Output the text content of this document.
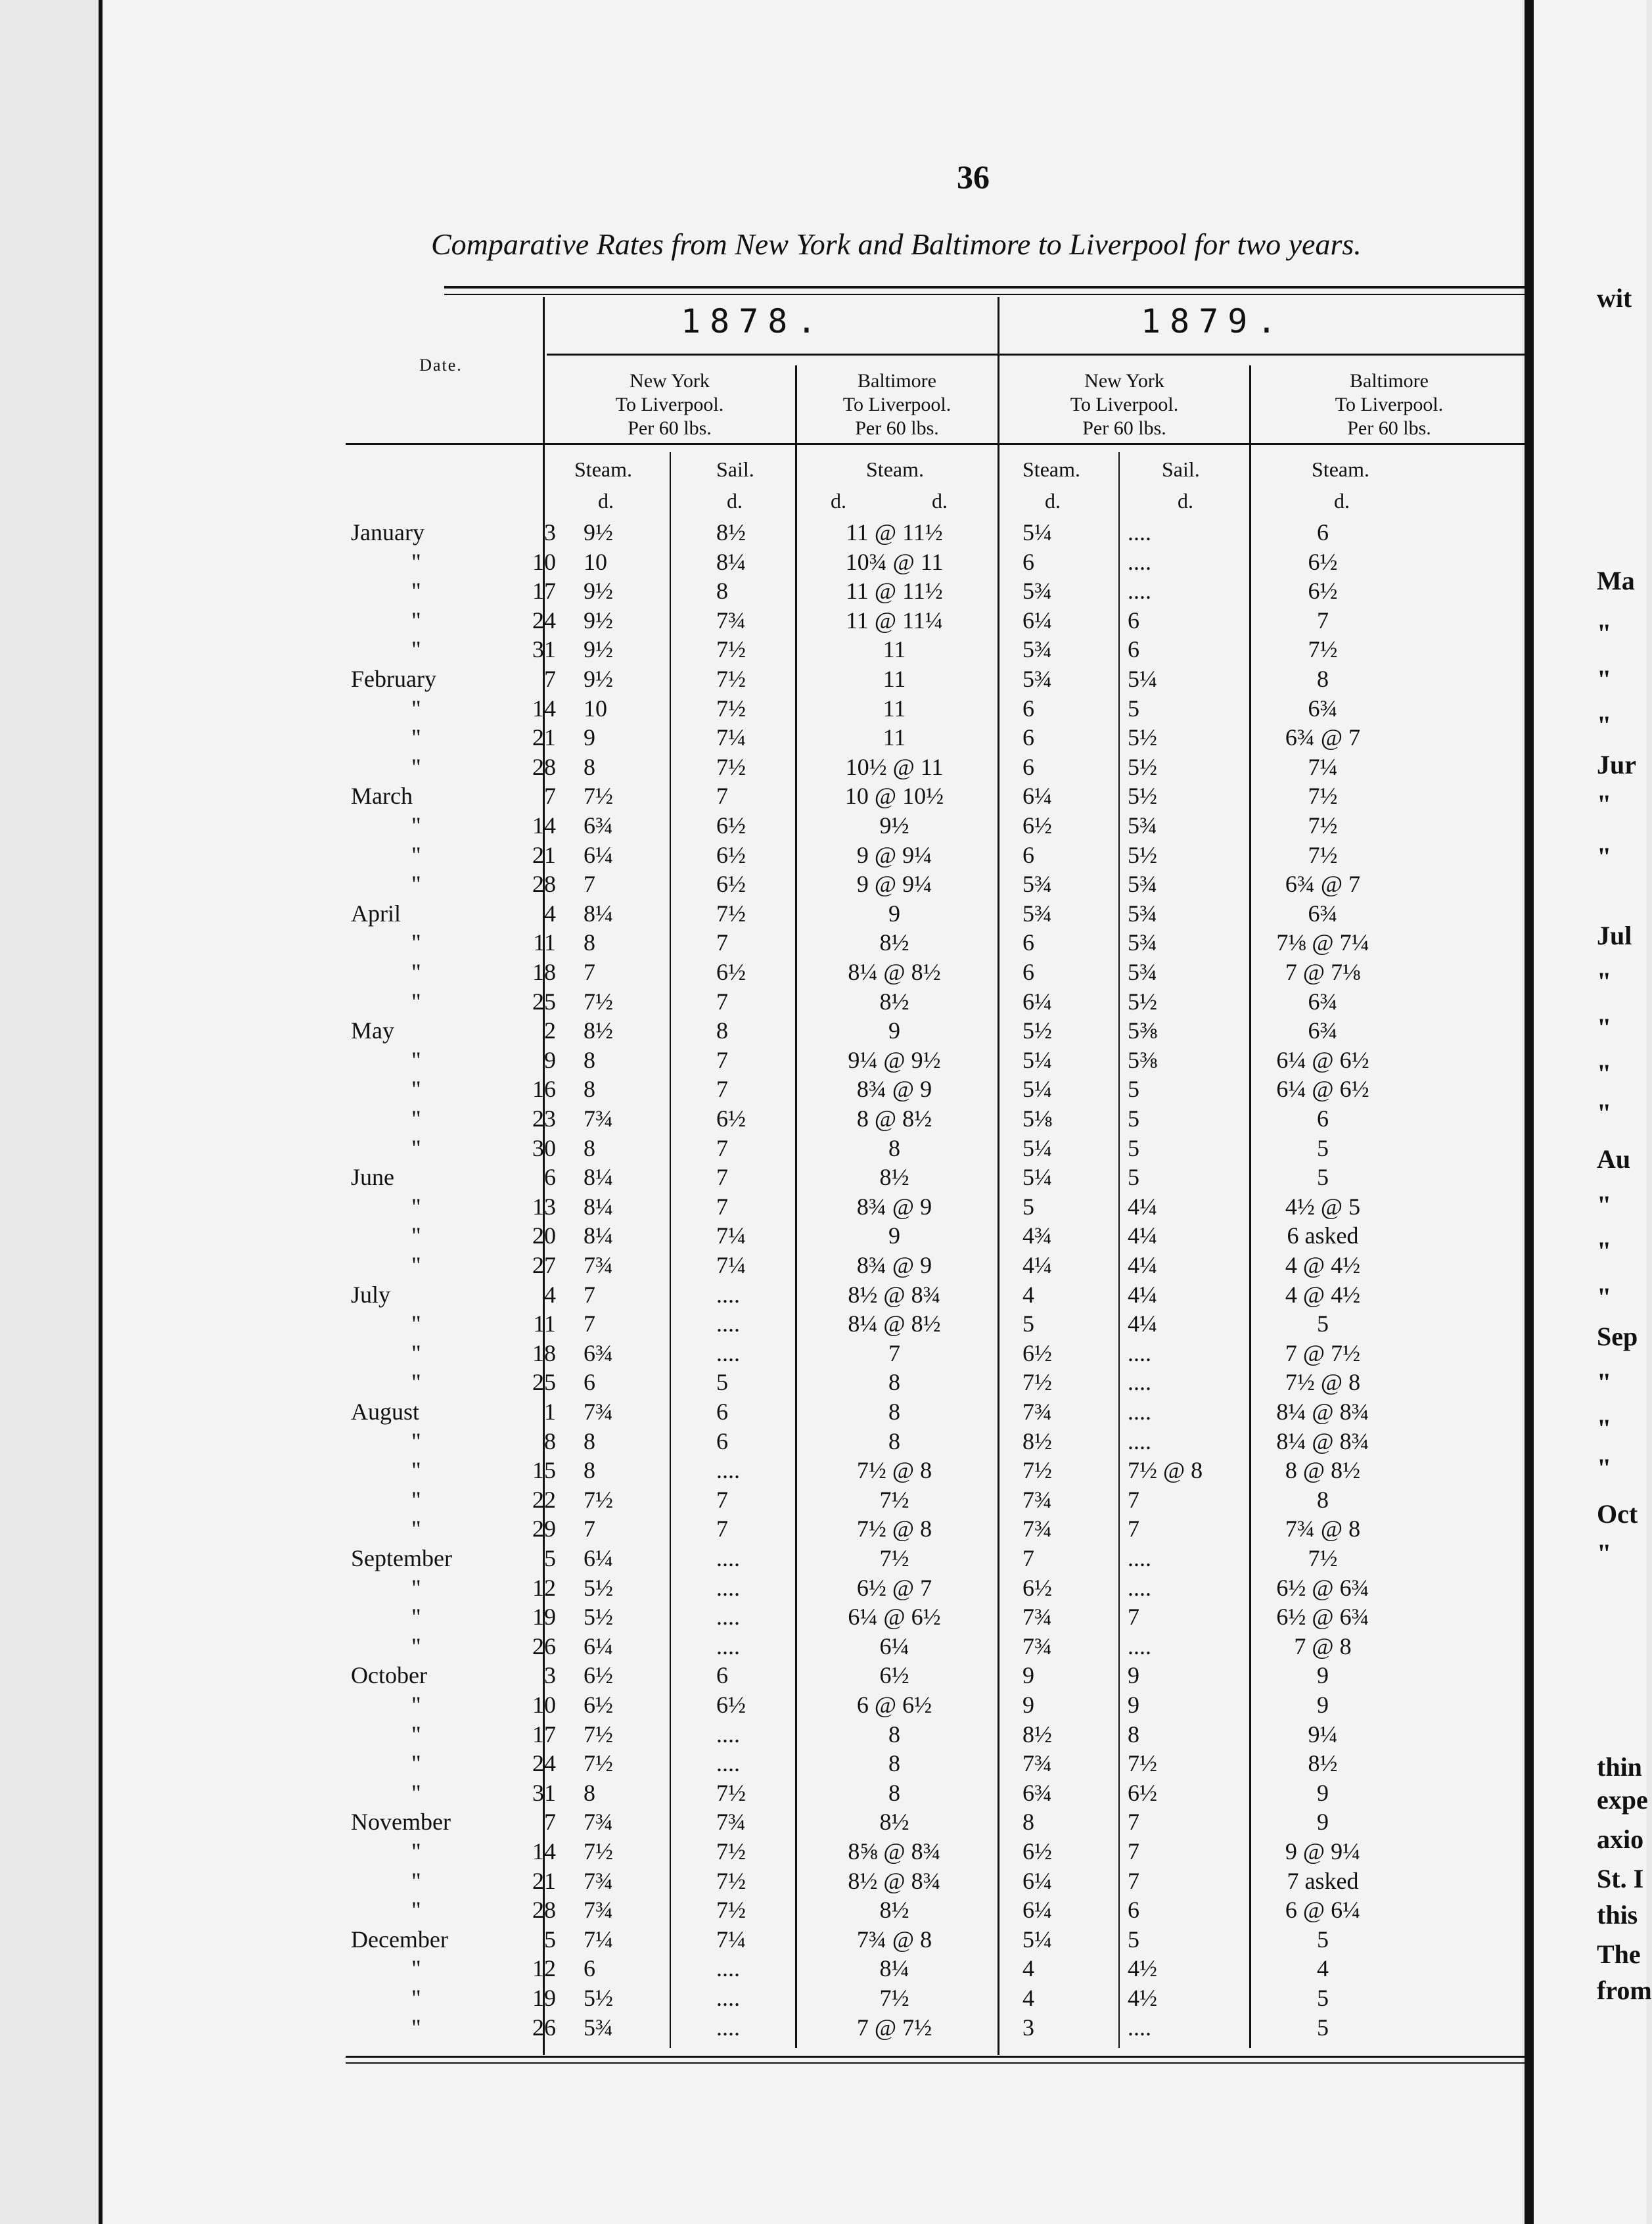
36
Comparative Rates from New York and Baltimore to Liverpool for two years.
Date.
1878.	1879.
New York
To Liverpool.
Per 60 lbs.
Baltimore
To Liverpool.
Per 60 lbs.
New York
To Liverpool.
Per 60 lbs.
Baltimore
To Liverpool.
Per 60 lbs.
Steam.	Sail.	Steam.	Steam.	Sail.	Steam.
d.	d.	d.	d.	d.	d.	d.
January	3 9½	8½	11 @ 11½	5¼	....	6
"	10 10	8¼	10¾ @ 11	6	....	6½
"	17 9½	8	11 @ 11½	5¾	....	6½
"	24 9½	7¾	11 @ 11¼	6¼	6	7
"	31 9½	7½	11	5¾	6	7½
February	7 9½	7½	11	5¾	5¼	8
"	14 10	7½	11	6	5	6¾
"	21 9	7¼	11	6	5½	6¾ @ 7
"	28 8	7½	10½ @ 11	6	5½	7¼
March	7 7½	7	10 @ 10½	6¼	5½	7½
"	14 6¾	6½	9½	6½	5¾	7½
"	21 6¼	6½	9 @ 9¼	6	5½	7½
"	28 7	6½	9 @ 9¼	5¾	5¾	6¾ @ 7
April	4 8¼	7½	9	5¾	5¾	6¾
"	11 8	7	8½	6	5¾	7⅛ @ 7¼
"	18 7	6½	8¼ @ 8½	6	5¾	7 @ 7⅛
"	25 7½	7	8½	6¼	5½	6¾
May	2 8½	8	9	5½	5⅜	6¾
"	9 8	7	9¼ @ 9½	5¼	5⅜	6¼ @ 6½
"	16 8	7	8¾ @ 9	5¼	5	6¼ @ 6½
"	23 7¾	6½	8 @ 8½	5⅛	5	6
"	30 8	7	8	5¼	5	5
June	6 8¼	7	8½	5¼	5	5
"	13 8¼	7	8¾ @ 9	5	4¼	4½ @ 5
"	20 8¼	7¼	9	4¾	4¼	6 asked
"	27 7¾	7¼	8¾ @ 9	4¼	4¼	4 @ 4½
July	4 7	....	8½ @ 8¾	4	4¼	4 @ 4½
"	11 7	....	8¼ @ 8½	5	4¼	5
"	18 6¾	....	7	6½	....	7 @ 7½
"	25 6	5	8	7½	....	7½ @ 8
August	1 7¾	6	8	7¾	....	8¼ @ 8¾
"	8 8	6	8	8½	....	8¼ @ 8¾
"	15 8	....	7½ @ 8	7½	7½ @ 8	8 @ 8½
"	22 7½	7	7½	7¾	7	8
"	29 7	7	7½ @ 8	7¾	7	7¾ @ 8
September	5 6¼	....	7½	7	....	7½
"	12 5½	....	6½ @ 7	6½	....	6½ @ 6¾
"	19 5½	....	6¼ @ 6½	7¾	7	6½ @ 6¾
"	26 6¼	....	6¼	7¾	....	7 @ 8
October	3 6½	6	6½	9	9	9
"	10 6½	6½	6 @ 6½	9	9	9
"	17 7½	....	8	8½	8	9¼
"	24 7½	....	8	7¾	7½	8½
"	31 8	7½	8	6¾	6½	9
November	7 7¾	7¾	8½	8	7	9
"	14 7½	7½	8⅝ @ 8¾	6½	7	9 @ 9¼
"	21 7¾	7½	8½ @ 8¾	6¼	7	7 asked
"	28 7¾	7½	8½	6¼	6	6 @ 6¼
December	5 7¼	7¼	7¾ @ 8	5¼	5	5
"	12 6	....	8¼	4	4½	4
"	19 5½	....	7½	4	4½	5
"	26 5¾	....	7 @ 7½	3	....	5
wit
Ma
"
"
"
Jur
"
"
Jul
"
"
"
"
Au
"
"
"
Sep
"
"
"
Oct
"
thin
expe
axio
St. I
this
The
from
